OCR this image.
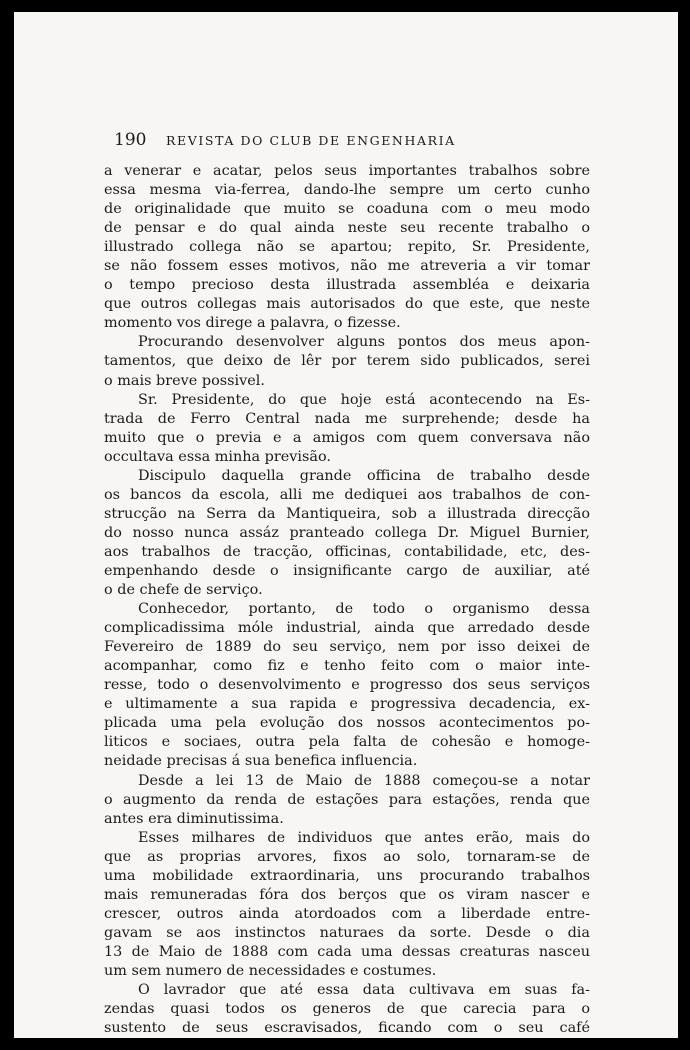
190 REVISTA DO CLUB DE ENGENHARIA
a venerar e acatar, pelos seus importantes trabalhos sobre
essa mesma via-ferrea, dando-lhe sempre um certo cunho
de originalidade que muito se coaduna com o meu modo
de pensar e do qual ainda neste seu recente trabalho o
illustrado collega não se apartou; repito, Sr. Presidente,
se não fossem esses motivos, não me atreveria a vir tomar
o tempo precioso desta illustrada assembléa e deixaria
que outros collegas mais autorisados do que este, que neste
momento vos direge a palavra, o fizesse.
Procurando desenvolver alguns pontos dos meus apon-
tamentos, que deixo de lêr por terem sido publicados, serei
o mais breve possivel.
Sr. Presidente, do que hoje está acontecendo na Es-
trada de Ferro Central nada me surprehende; desde ha
muito que o previa e a amigos com quem conversava não
occultava essa minha previsão.
Discipulo daquella grande officina de trabalho desde
os bancos da escola, alli me dediquei aos trabalhos de con-
strucção na Serra da Mantiqueira, sob a illustrada direcção
do nosso nunca assáz pranteado collega Dr. Miguel Burnier,
aos trabalhos de tracção, officinas, contabilidade, etc, des-
empenhando desde o insignificante cargo de auxiliar, até
o de chefe de serviço.
Conhecedor, portanto, de todo o organismo dessa
complicadissima móle industrial, ainda que arredado desde
Fevereiro de 1889 do seu serviço, nem por isso deixei de
acompanhar, como fiz e tenho feito com o maior inte-
resse, todo o desenvolvimento e progresso dos seus serviços
e ultimamente a sua rapida e progressiva decadencia, ex-
plicada uma pela evolução dos nossos acontecimentos po-
liticos e sociaes, outra pela falta de cohesão e homoge-
neidade precisas á sua benefica influencia.
Desde a lei 13 de Maio de 1888 começou-se a notar
o augmento da renda de estações para estações, renda que
antes era diminutissima.
Esses milhares de individuos que antes erão, mais do
que as proprias arvores, fixos ao solo, tornaram-se de
uma mobilidade extraordinaria, uns procurando trabalhos
mais remuneradas fóra dos berços que os viram nascer e
crescer, outros ainda atordoados com a liberdade entre-
gavam se aos instinctos naturaes da sorte. Desde o dia
13 de Maio de 1888 com cada uma dessas creaturas nasceu
um sem numero de necessidades e costumes.
O lavrador que até essa data cultivava em suas fa-
zendas quasi todos os generos de que carecia para o
sustento de seus escravisados, ficando com o seu café
